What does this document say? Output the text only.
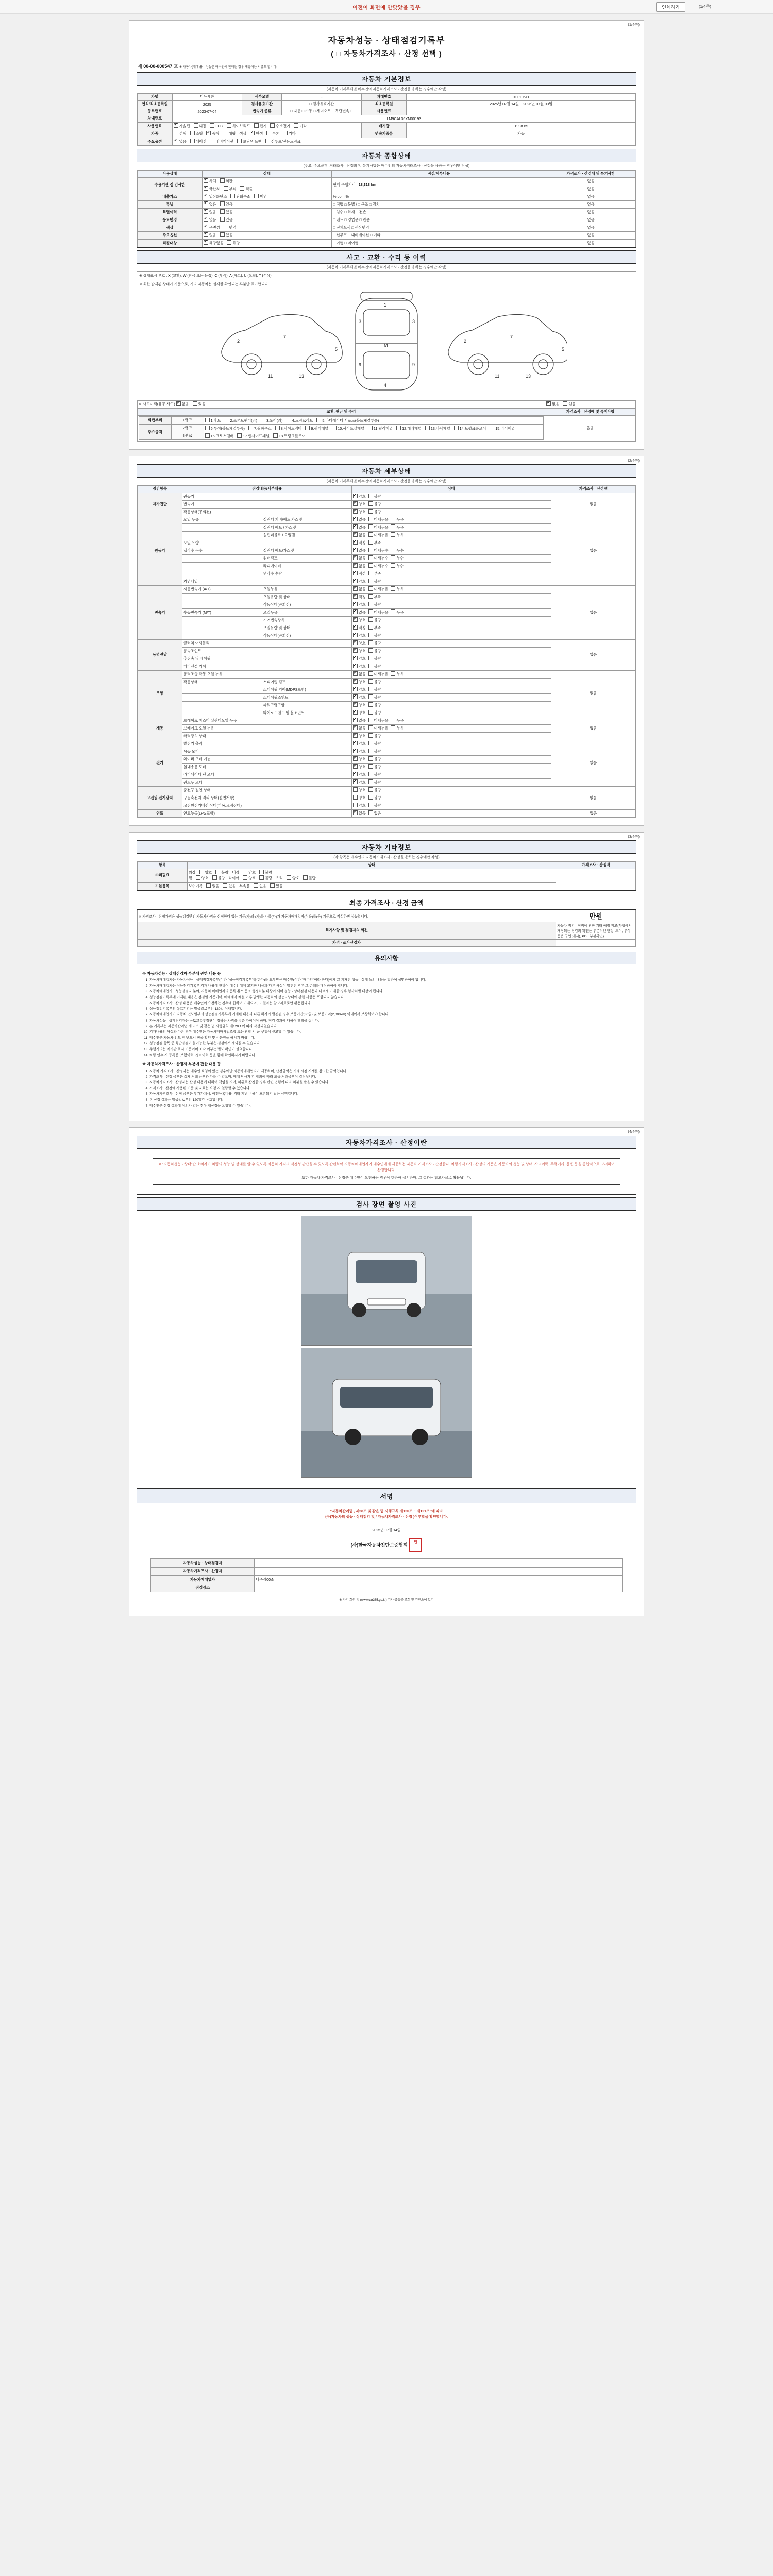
이전이 화면에 안맞았을 경우	인쇄하기	(1/4쪽)
(1/4쪽)
자동차성능 · 상태점검기록부
( □ 자동차가격조사 · 산정 선택 )
제 00-00-000547 호 ※ 자동차(매매)용 · 성능은 매수인에 판매는 경우 제공해는 서류도 합니다.
자동차 기본정보
(자동차 거래주체별 매수인의 자동차거래조사 · 산정을 용하는 경우에만 작성)
차명	더뉴세븐	세부모델	-	차대번호	91E10511
연식/최초등록일	2025	검사유효기간	□ 검사유효기간	최초등록일	2025년 07월 14일 ~ 2026년 07월 00일
등록번호	2023-07-04	변속기 종류	□ 자동 □ 수동 □ 세미오토 □ 무단변속기	사용연료	
차대번호	LM9CAL36XM00193				
사용연료	✔가솔린 디젤 LPG 하이브리드 전기 수소전기 기타			배기량	1998 cc
차종	경형 소형 ✔ 중형 대형 색상 ✔ 원색 투톤 기타			변속기종류	자동
주요옵션	✔없음 에어컨 내비게이션 보링/시트백 선루프/전동트렁크
자동차 종합상태
(주요, 주요골격, 거래조사 · 산정의 및 특기사항은 매수인의 자동차거래조사 · 산정을 용하는 경우에만 작성)
사용상태	상태	점검/세부내용	가격조사 · 산정에 및 특기사항
수용기관 점 검사한	✔차체 외판	현재 주행거리 18,318 km	없음
✔국산차 부식 적출		없음
배출가스	✔일산화탄소 탄화수소 매연	% ppm %	없음
튜닝	✔없음 있음	□ 적법 □ 불법 / □ 구조 □ 장치	없음
특별이력	✔없음 있음	□ 침수 □ 화재 □ 전손	없음
용도변경	✔없음 있음	□ 렌트 □ 영업용 □ 관용	없음
색상	✔무변경 변경	□ 전체도색 □ 색상변경	없음
주요옵션	✔없음 있음	□ 선루프 □ 내비게이션 □ 기타	없음
리콜대상	✔해당없음 해당	□ 이행 □ 미이행	없음
사고 · 교환 · 수리 등 이력
(자동차 거래주체별 매수인의 자동차거래조사 · 산정을 용하는 경우에만 작성)
※ 상태표시 부호 : X (교환), W (판금 또는 용접), C (부식), A (사고), U (요철), T (손상)
※ 최한 탑재된 상태가 기준으로, 기타 자동차는 실제한 확인되는 부분만 표기합니다.
1
M
4
3	3
9	9
2
7
5
2
7
5
11	13	11	13
※ 사고이력(유무·사고) ✔ 없음	있음	✔없음	있음
교환, 판금 및 수리	가격조사 · 산정에 및 특기사항

외판부위	1랭크	1.후드	2.프론트펜더(좌)	3.도어(좌)	4.트렁크리드	5.라디에이터 서포트(볼트체결부품)
주요골격	2랭크	6.투성(볼트체결부품)	7.휠하우스	8.사이드멤버	9.쿼터패널	10.사이드실패널	11.필러패널	12.대쉬패널	13.바닥패널	14.트렁크플로어	15.리어패널
3랭크	16.크로스멤버	17.인사이드패널	18.트렁크플로어
	없음
(2/4쪽)
자동차 세부상태
(자동차 거래주체별 매수인의 자동차거래조사 · 산정을 용하는 경우에만 작성)
점검항목	점검내용/세부내용		상태	가격조사 · 산정액
자가진단	원동기		✔양호 불량	없음
	변속기		✔양호 불량
	작동상태(공회전)		✔양호 불량
원동기	오일 누유	실린더 커버/헤드 가스켓	✔없음 미세누유 누유	없음
		실린더 헤드 / 가스켓	✔없음 미세누유 누유
		실린더블록 / 오일팬	✔없음 미세누유 누유
	오일 유량		✔적정 부족
	냉각수 누수	실린더 헤드/가스켓	✔없음 미세누수 누수
		워터펌프	✔없음 미세누수 누수
		라디에이터	✔없음 미세누수 누수
		냉각수 수량	✔적정 부족
	커먼레일		✔양호 불량
변속기	자동변속기 (A/T)	오일누유	✔없음 미세누유 누유	없음
		오일유량 및 상태	✔적정 부족
		작동상태(공회전)	✔양호 불량
	수동변속기 (M/T)	오일누유	✔없음 미세누유 누유
		기어변속장치	✔양호 불량
		오일유량 및 상태	✔적정 부족
		작동상태(공회전)	✔양호 불량
동력전달	클러치 어셈블리		✔양호 불량	없음
	등속조인트		✔양호 불량
	추진축 및 베어링		✔양호 불량
	디퍼렌셜 기어		✔양호 불량
조향	동력조향 작동 오일 누유		✔없음 미세누유 누유	없음
	작동상태	스티어링 펌프	✔양호 불량
		스티어링 기어(MDPS포함)	✔양호 불량
		스티어링조인트	✔양호 불량
		파워크랭크암	✔양호 불량
		타이로드엔드 및 볼조인트	✔양호 불량
제동	브레이크 마스터 실린더오일 누유		✔없음 미세누유 누유	없음
	브레이크 오일 누유		✔없음 미세누유 누유
	배력장치 상태		✔양호 불량
전기	발전기 출력		✔양호 불량	없음
	시동 모터		✔양호 불량
	와이퍼 모터 기능		✔양호 불량
	실내송풍 모터		✔양호 불량
	라디에이터 팬 모터		✔양호 불량
	윈도우 모터		✔양호 불량
고전원 전기장치	충전구 절연 상태		양호 불량	없음
	구동축전지 격리 상태(절연저항)		양호 불량	
	고전원전기배선 상태(피복,고정상태)		양호 불량	
연료	연료누출(LPG포함)		✔없음 있음	없음
(3/4쪽)
자동차 기타정보
(각 항목은 매수인의 자동차거래조사 · 산정을 용하는 경우에만 작성)
항목	상태	가격조사 · 산정액
수리필요	외장 양호 불량 내장 양호 불량
휠 양호 불량 타이어 양호 불량 유리 양호 불량	
기본품목	보수기록 없음 있음 부속품 없음 있음	
최종 가격조사 · 산정 금액
※ 가격조사 · 산정가격은 성능점검받인 자동차가격을 산정한다 없는 기준(가)과 (가)를 나를(다)가 자동차매매업자(성을)를(은) 기준으로 작성하면 성능합니다.	만원
특기사항 및 점검자의 의견	자동차 점검 · 정비에 관한 기타 예정 참고(사항에서 개정되는 점검의 확인은 부분적인 한정, 도어, 부식 등은 구입(매시), PDF 부분확인)
가격 · 조사산정자	
유의사항
※ 자동차성능 · 상태점검자 부분에 관한 내용 등
1. 자동차매매업자는 자동차성능 · 상태점검자록부(이하 "성능점검기록부"라 한다)를 교부받은 매수인(이하 "매수인"이라 한다)에게 그 기재된 성능 · 상태 등의 내용을 말하여 설명하여야 합니다.
2. 자동차매매업자는 성능점검기록부 기재 내용에 관하여 매수인에게 고지한 내용과 다른 사실이 발견된 경우 그 손해를 배상하여야 합니다.
3. 자동차매매업자 · 성능점검자 분야, 자동차 매매업자의 등록 취소 등의 행정처분 대상이 되며 성능 · 상태점검 내용과 다르게 기재한 경우 형사처벌 대상이 됩니다.
4. 성능점검기록부에 기재된 내용은 점검일 기준이며, 매매계약 체결 이후 발생한 자동차의 성능 · 상태에 관한 사항은 포함되지 않습니다.
5. 자동차가격조사 · 산정 내용은 매수인이 요청하는 경우에 한하여 기재되며, 그 결과는 참고자료로만 활용됩니다.
6. 성능점검기록부의 유효기간은 발급일로부터 120일 이내입니다.
7. 자동차매매업자가 자동차 인도일부터 성능점검기록부에 기재된 내용과 다른 하자가 발견된 경우 보증기간(30일) 및 보증거리(2,000km) 이내에서 보상하여야 합니다.
8. 자동차성능 · 상태점검자는 국토교통부장관이 정하는 자격을 갖춘 자이어야 하며, 점검 결과에 대하여 책임을 집니다.
9. 본 기록부는 자동차관리법 제58조 및 같은 법 시행규칙 제120조에 따라 작성되었습니다.
10. 기재내용의 사실과 다른 경우 매수인은 자동차매매사업조합 또는 관할 시·군·구청에 신고할 수 있습니다.
11. 매수인은 자동차 인도 전 반드시 현물 확인 및 시운전을 하시기 바랍니다.
12. 성능점검 항목 중 육안점검이 불가능한 부분은 점검에서 제외될 수 있습니다.
13. 주행거리는 계기판 표시 기준이며 조작 여부는 별도 확인이 필요합니다.
14. 차량 인수 시 등록증, 보험이력, 정비이력 등을 함께 확인하시기 바랍니다.
※ 자동차가격조사 · 산정자 부분에 관한 내용 등
1. 자동차 가격조사 · 산정자는 매수인 요청이 있는 경우에만 자동차매매업자가 제공하며, 산정금액은 거래 시점 시세를 참고한 금액입니다.
2. 가격조사 · 산정 금액은 실제 거래 금액과 다를 수 있으며, 매매 당사자 간 합의에 따라 최종 거래금액이 결정됩니다.
3. 자동차가격조사 · 산정자는 산정 내용에 대하여 책임을 지며, 허위로 산정한 경우 관련 법령에 따라 처분을 받을 수 있습니다.
4. 가격조사 · 산정에 사용된 기준 및 자료는 요청 시 열람할 수 있습니다.
5. 자동차가격조사 · 산정 금액은 부가가치세, 이전등록비용, 기타 제반 비용이 포함되지 않은 금액입니다.
6. 본 산정 결과는 발급일로부터 120일간 유효합니다.
7. 매수인은 산정 결과에 이의가 있는 경우 재산정을 요청할 수 있습니다.
(4/4쪽)
자동차가격조사 · 산정이란
※ "자동차성능 · 상태"란 소비자가 차량의 성능 및 상태를 알 수 있도록 자동차 가격의 적정성 판단을 수 있도록 관련하여 자동차매매업자가 매수인에게 제공하는 자동차 가격조사 · 산정한다. 차량가격조사 · 산정의 기준은 자동차의 성능 및 상태, 사고이력, 주행거리, 옵션 등을 종합적으로 고려하여 산정합니다.
또한 자동차 가격조사 · 산정은 매수인이 요청하는 경우에 한하여 실시하며, 그 결과는 참고자료로 활용됩니다.
검사 장면 촬영 사진
서명
"자동차관리법 , 제58조 및 같은 법 시행규칙 제120조 ~ 제121조"에 따라
(구)자동차의 성능 · 상태점검 및 / 자동차가격조사 · 산정 )여부합을 확인합니다.
2025년 07월 14일
(사)한국자동차진단보증협회 인
자동차성능 · 상태점검자	
자동차가격조사 · 산정자	
자동차매매업자	나주장00소
점검장소	
※ 가기 회원 및 (www.car365.go.kr) 기사 공동물 조회 및 컨텐츠에 있기
